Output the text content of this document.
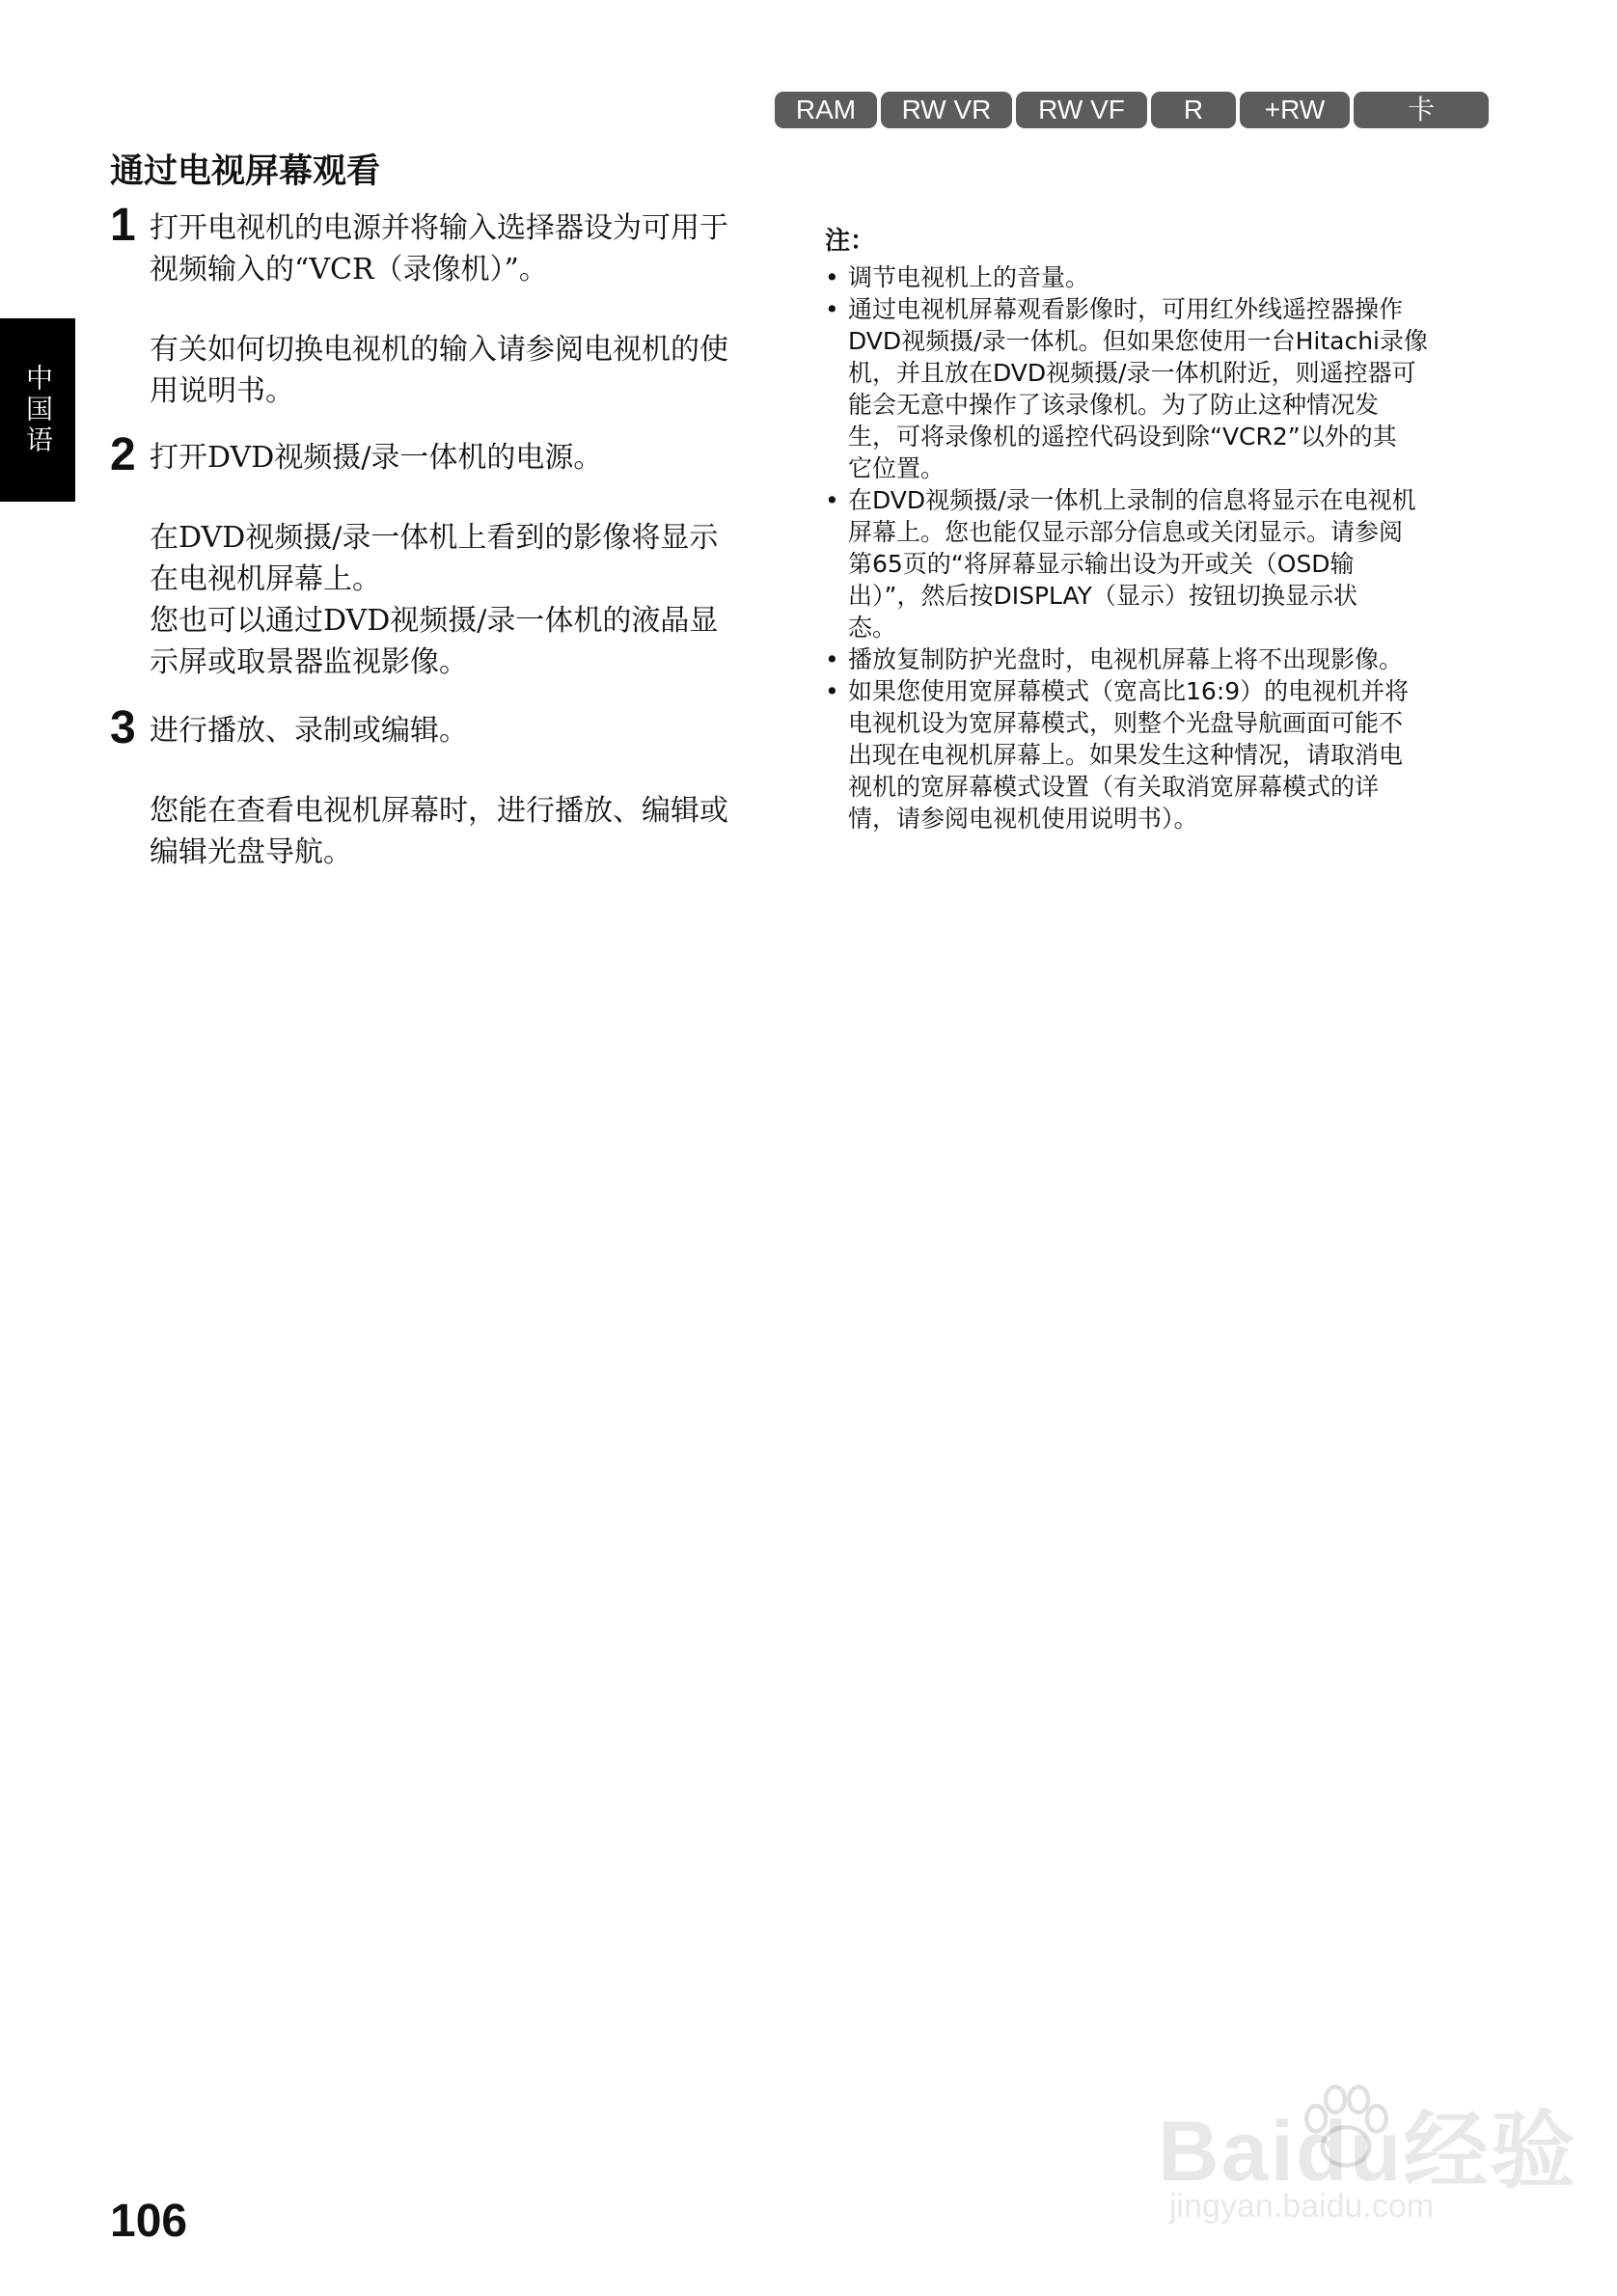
RAM	RW VR	RW VF	R	+RW	卡
通过电视屏幕观看
中国语
1 打开电视机的电源并将输入选择器设为可用于
视频输入的“VCR（录像机）”。
有关如何切换电视机的输入请参阅电视机的使
用说明书。
2 打开DVD视频摄/录一体机的电源。
在DVD视频摄/录一体机上看到的影像将显示
在电视机屏幕上。
您也可以通过DVD视频摄/录一体机的液晶显
示屏或取景器监视影像。
3 进行播放、录制或编辑。
您能在查看电视机屏幕时，进行播放、编辑或
编辑光盘导航。
注：
• 调节电视机上的音量。
• 通过电视机屏幕观看影像时，可用红外线遥控器操作
DVD视频摄/录一体机。但如果您使用一台Hitachi录像
机，并且放在DVD视频摄/录一体机附近，则遥控器可
能会无意中操作了该录像机。为了防止这种情况发
生，可将录像机的遥控代码设到除“VCR2”以外的其
它位置。
• 在DVD视频摄/录一体机上录制的信息将显示在电视机
屏幕上。您也能仅显示部分信息或关闭显示。请参阅
第65页的“将屏幕显示输出设为开或关（OSD输
出）”，然后按DISPLAY（显示）按钮切换显示状
态。
• 播放复制防护光盘时，电视机屏幕上将不出现影像。
• 如果您使用宽屏幕模式（宽高比16:9）的电视机并将
电视机设为宽屏幕模式，则整个光盘导航画面可能不
出现在电视机屏幕上。如果发生这种情况，请取消电
视机的宽屏幕模式设置（有关取消宽屏幕模式的详
情，请参阅电视机使用说明书）。
Baidu经验
jingyan.baidu.com
106
